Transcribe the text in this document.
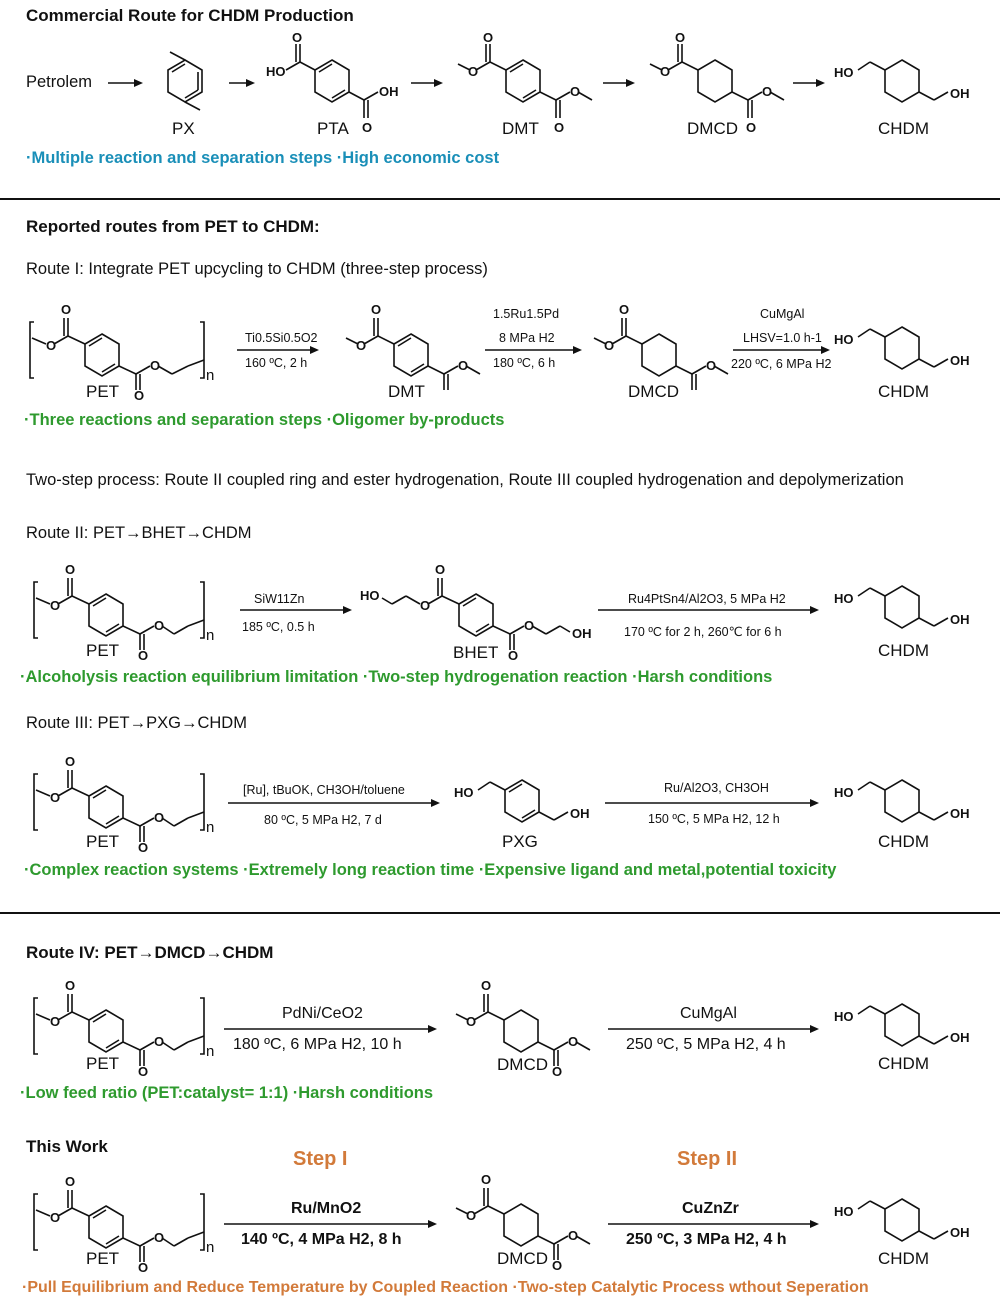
Commercial Route for CHDM Production
Petrolem
PX
O
HO
OH
O
PTA
O
O
O
O
DMT
O
O
O
O
DMCD
HO
OH
CHDM
·Multiple reaction and separation steps ·High economic cost
Reported routes from PET to CHDM:
Route I: Integrate PET upcycling to CHDM (three-step process)
O
O
O
O
n
PET
Ti0.5Si0.5O2
160 ºC, 2 h
1.5Ru1.5Pd
8 MPa H2
180 ºC, 6 h
CuMgAl
LHSV=1.0 h-1
220 ºC, 6 MPa H2
O
O
O
DMT
O
O
O
DMCD
HO
OH
CHDM
·Three reactions and separation steps ·Oligomer by-products
Two-step process: Route II coupled ring and ester hydrogenation, Route III coupled hydrogenation and depolymerization
Route II: PET→BHET→CHDM
O
O
O
O
n
PET
SiW11Zn
185 ºC, 0.5 h
O
O
HO
O
O
OH
BHET
Ru4PtSn4/Al2O3, 5 MPa H2
170 ºC for 2 h, 260℃ for 6 h
HO
OH
CHDM
·Alcoholysis reaction equilibrium limitation ·Two-step hydrogenation reaction ·Harsh conditions
Route III: PET→PXG→CHDM
O
O
O
O
n
PET
[Ru], tBuOK, CH3OH/toluene
80 ºC, 5 MPa H2, 7 d
HO
OH
PXG
Ru/Al2O3, CH3OH
150 ºC, 5 MPa H2, 12 h
HO
OH
CHDM
·Complex reaction systems ·Extremely long reaction time ·Expensive ligand and metal,potential toxicity
Route IV: PET→DMCD→CHDM
O
O
O
O
n
PET
PdNi/CeO2
180 ºC, 6 MPa H2, 10 h
O
O
O
O
DMCD
CuMgAl
250 ºC, 5 MPa H2, 4 h
HO
OH
CHDM
·Low feed ratio (PET:catalyst= 1:1) ·Harsh conditions
This Work
Step I	Step II
O
O
O
O
n
PET
Ru/MnO2
140 ºC, 4 MPa H2, 8 h
O
O
O
O
DMCD
CuZnZr
250 ºC, 3 MPa H2, 4 h
HO
OH
CHDM
·Pull Equilibrium and Reduce Temperature by Coupled Reaction ·Two-step Catalytic Process wthout Seperation
